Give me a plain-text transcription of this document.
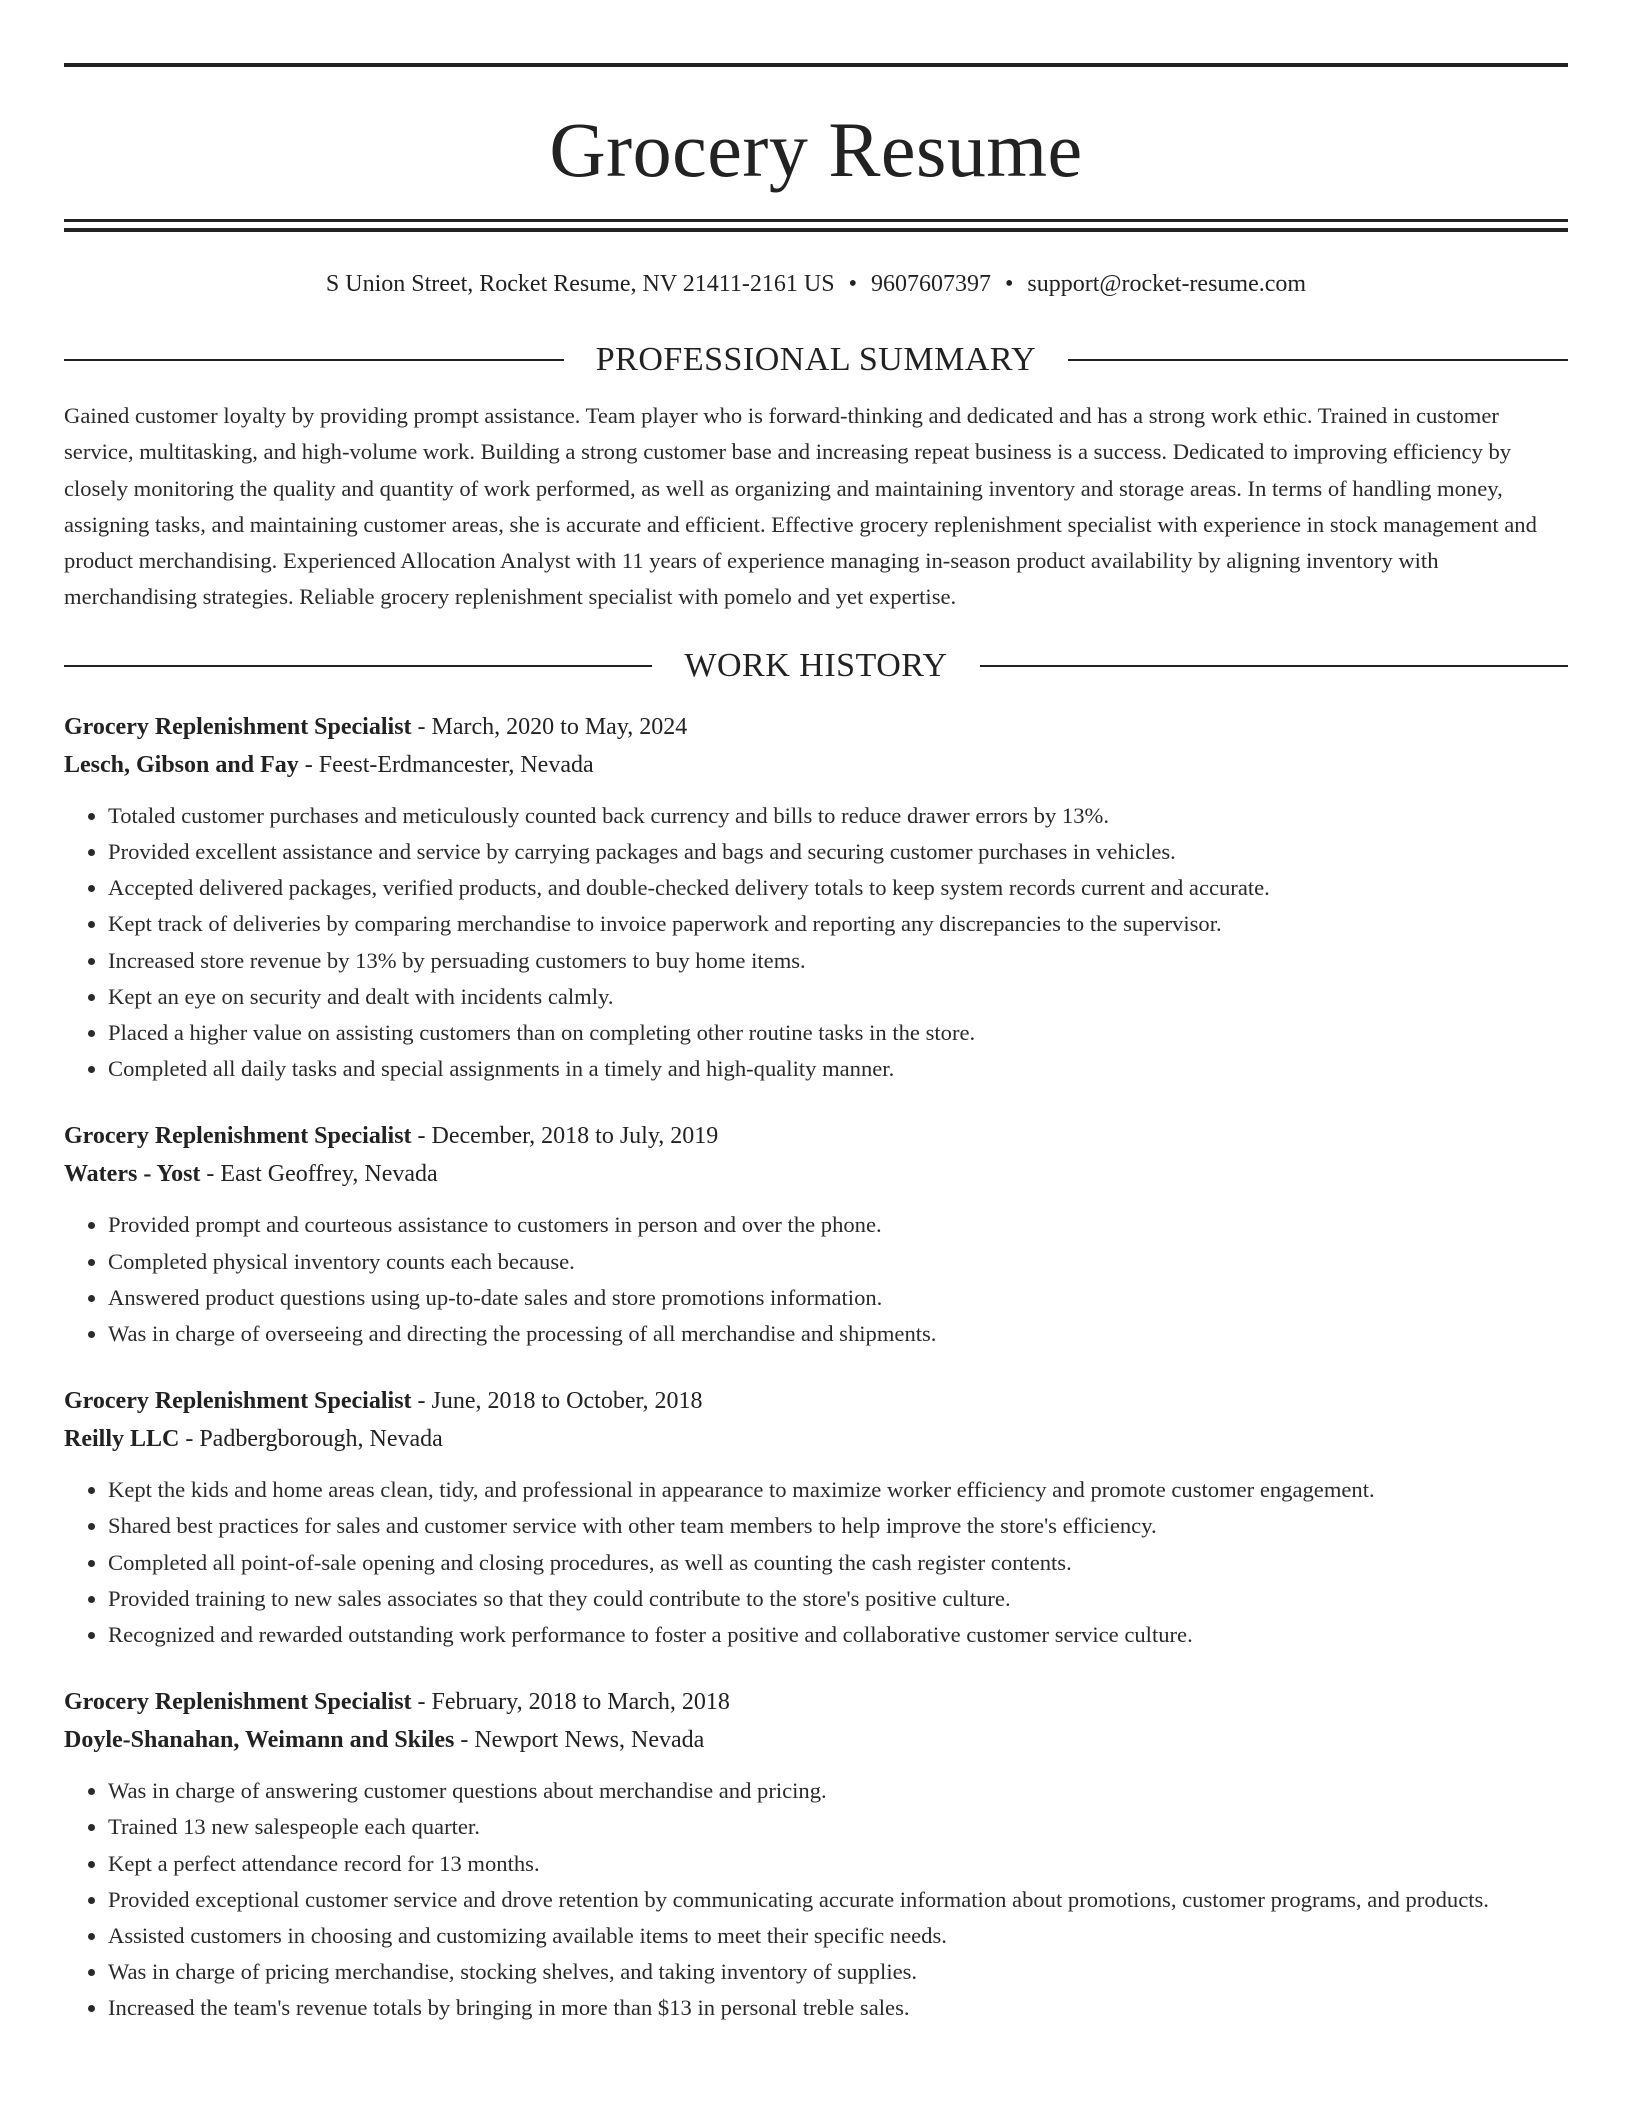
Grocery Resume
S Union Street, Rocket Resume, NV 21411-2161 US • 9607607397 • support@rocket-resume.com
PROFESSIONAL SUMMARY
Gained customer loyalty by providing prompt assistance. Team player who is forward-thinking and dedicated and has a strong work ethic. Trained in customer service, multitasking, and high-volume work. Building a strong customer base and increasing repeat business is a success. Dedicated to improving efficiency by closely monitoring the quality and quantity of work performed, as well as organizing and maintaining inventory and storage areas. In terms of handling money, assigning tasks, and maintaining customer areas, she is accurate and efficient. Effective grocery replenishment specialist with experience in stock management and product merchandising. Experienced Allocation Analyst with 11 years of experience managing in-season product availability by aligning inventory with merchandising strategies. Reliable grocery replenishment specialist with pomelo and yet expertise.
WORK HISTORY
Grocery Replenishment Specialist - March, 2020 to May, 2024
Lesch, Gibson and Fay - Feest-Erdmancester, Nevada
• Totaled customer purchases and meticulously counted back currency and bills to reduce drawer errors by 13%.
• Provided excellent assistance and service by carrying packages and bags and securing customer purchases in vehicles.
• Accepted delivered packages, verified products, and double-checked delivery totals to keep system records current and accurate.
• Kept track of deliveries by comparing merchandise to invoice paperwork and reporting any discrepancies to the supervisor.
• Increased store revenue by 13% by persuading customers to buy home items.
• Kept an eye on security and dealt with incidents calmly.
• Placed a higher value on assisting customers than on completing other routine tasks in the store.
• Completed all daily tasks and special assignments in a timely and high-quality manner.
Grocery Replenishment Specialist - December, 2018 to July, 2019
Waters - Yost - East Geoffrey, Nevada
• Provided prompt and courteous assistance to customers in person and over the phone.
• Completed physical inventory counts each because.
• Answered product questions using up-to-date sales and store promotions information.
• Was in charge of overseeing and directing the processing of all merchandise and shipments.
Grocery Replenishment Specialist - June, 2018 to October, 2018
Reilly LLC - Padbergborough, Nevada
• Kept the kids and home areas clean, tidy, and professional in appearance to maximize worker efficiency and promote customer engagement.
• Shared best practices for sales and customer service with other team members to help improve the store's efficiency.
• Completed all point-of-sale opening and closing procedures, as well as counting the cash register contents.
• Provided training to new sales associates so that they could contribute to the store's positive culture.
• Recognized and rewarded outstanding work performance to foster a positive and collaborative customer service culture.
Grocery Replenishment Specialist - February, 2018 to March, 2018
Doyle-Shanahan, Weimann and Skiles - Newport News, Nevada
• Was in charge of answering customer questions about merchandise and pricing.
• Trained 13 new salespeople each quarter.
• Kept a perfect attendance record for 13 months.
• Provided exceptional customer service and drove retention by communicating accurate information about promotions, customer programs, and products.
• Assisted customers in choosing and customizing available items to meet their specific needs.
• Was in charge of pricing merchandise, stocking shelves, and taking inventory of supplies.
• Increased the team's revenue totals by bringing in more than $13 in personal treble sales.
